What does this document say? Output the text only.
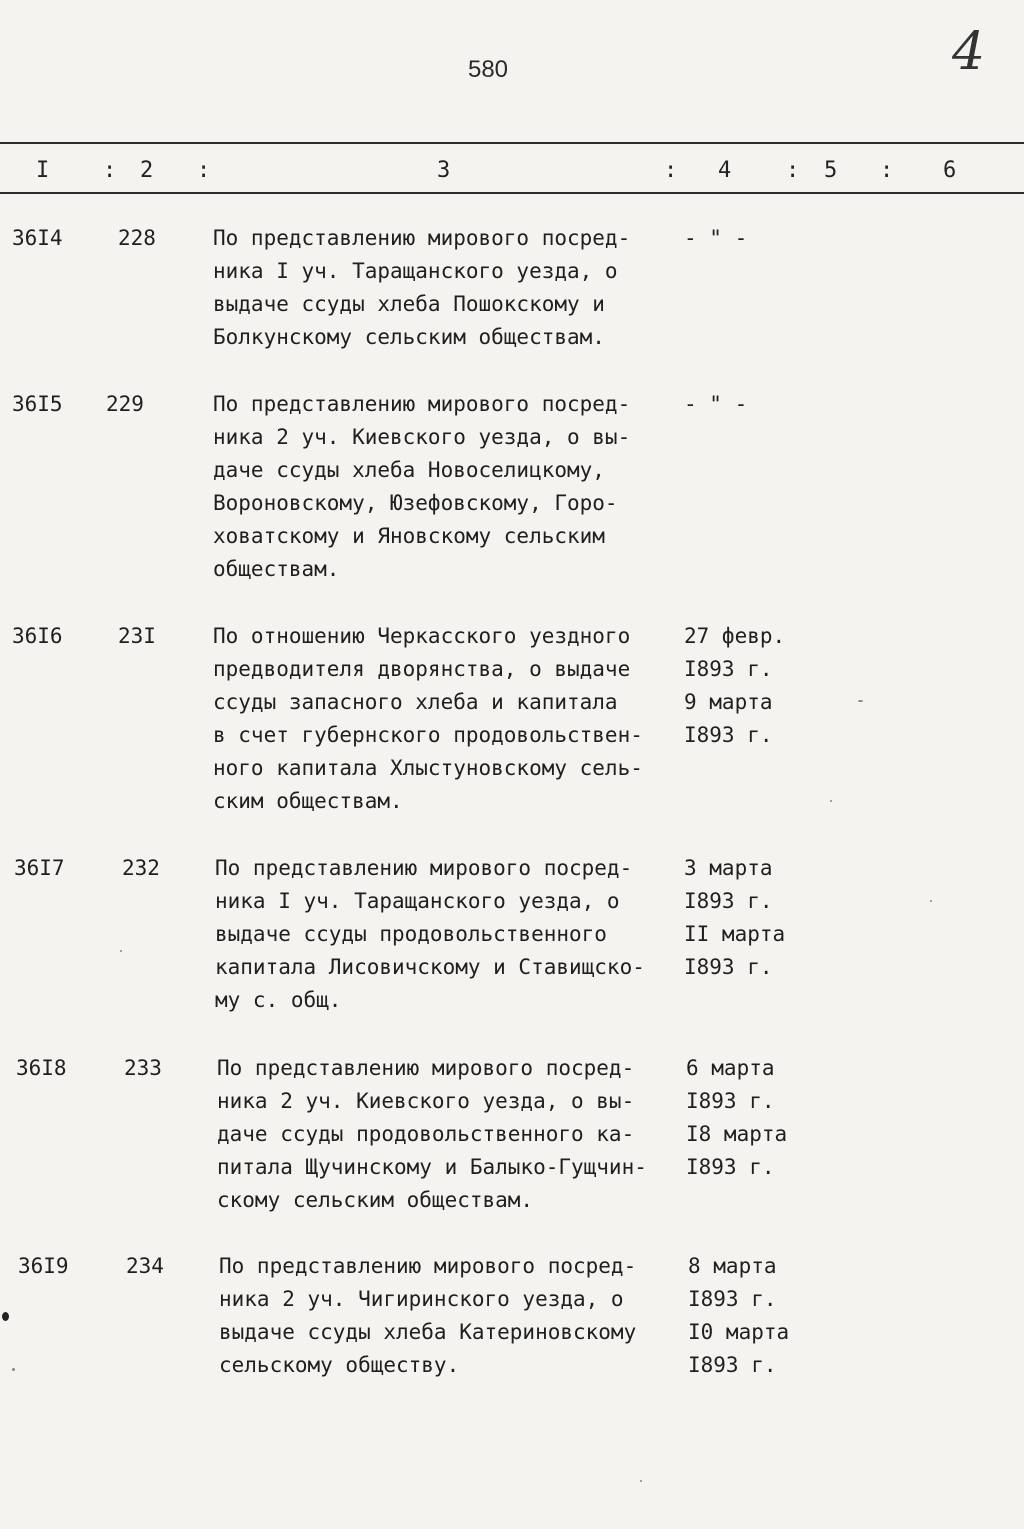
580	4
I : 2 :	3	: 4 : 5 : 6
36I4	228	По представлению мирового посред-
ника I уч. Таращанского уезда, о
выдаче ссуды хлеба Пошокскому и
Болкунскому сельским обществам.
- " -
36I5 229	По представлению мирового посред-
ника 2 уч. Киевского уезда, о вы-
даче ссуды хлеба Новоселицкому,
Вороновскому, Юзефовскому, Горо-
ховатскому и Яновскому сельским
обществам.
- " -
36I6	23I	По отношению Черкасского уездного
предводителя дворянства, о выдаче
ссуды запасного хлеба и капитала
в счет губернского продовольствен-
ного капитала Хлыстуновскому сель-
ским обществам.
27 февр.
I893 г.
9 марта
I893 г.
36I7	232	По представлению мирового посред-
ника I уч. Таращанского уезда, о
выдаче ссуды продовольственного
капитала Лисовичскому и Ставищско-
му с. общ.
3 марта
I893 г.
II марта
I893 г.
36I8	233	По представлению мирового посред-
ника 2 уч. Киевского уезда, о вы-
даче ссуды продовольственного ка-
питала Щучинскому и Балыко-Гущчин-
скому сельским обществам.
6 марта
I893 г.
I8 марта
I893 г.
36I9	234	По представлению мирового посред-
ника 2 уч. Чигиринского уезда, о
выдаче ссуды хлеба Катериновскому
сельскому обществу.
8 марта
I893 г.
I0 марта
I893 г.
